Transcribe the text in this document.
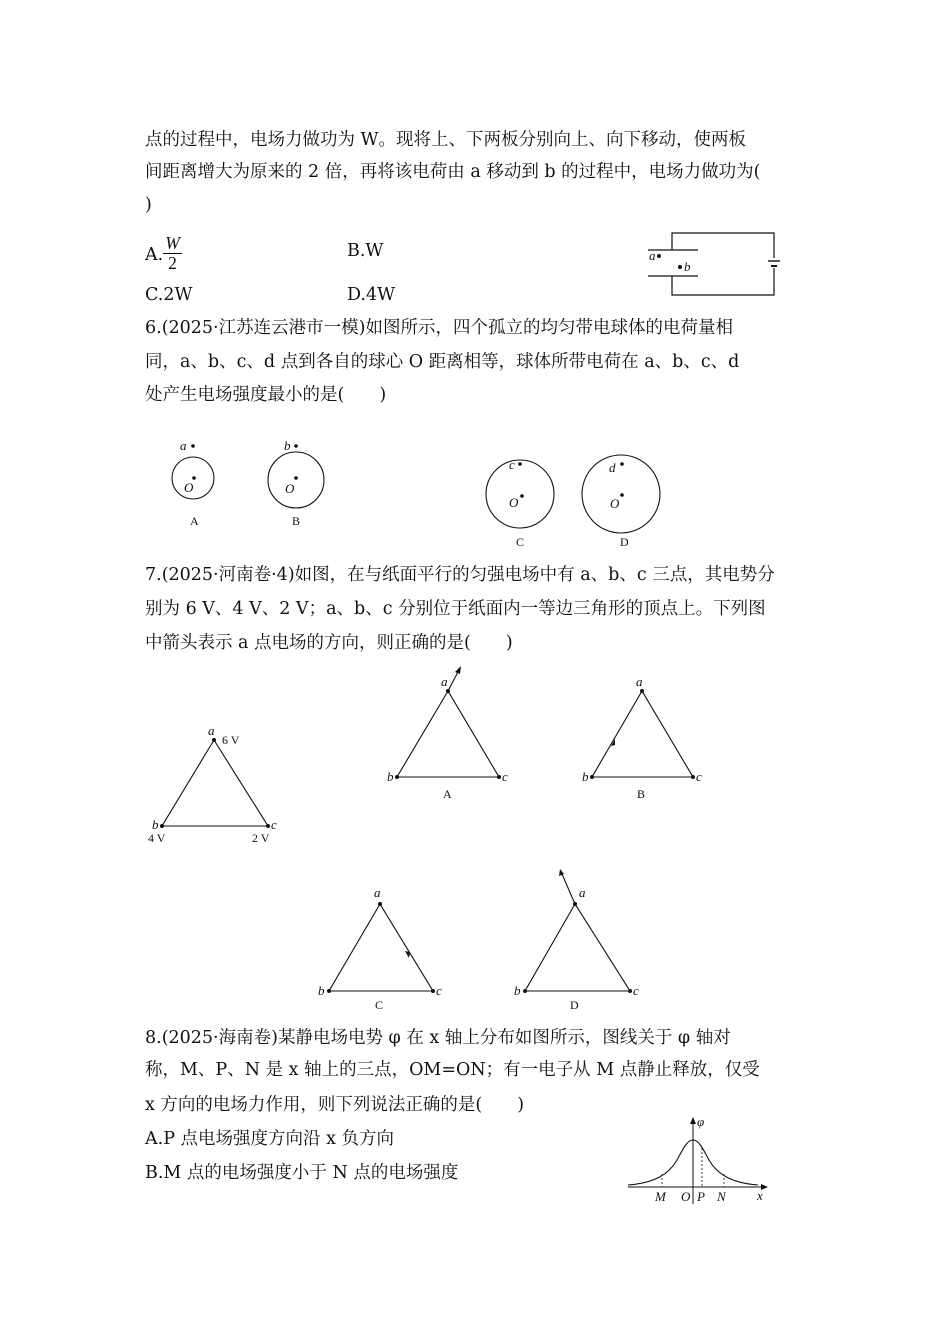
点的过程中，电场力做功为 W。现将上、下两板分别向上、向下移动，使两板
间距离增大为原来的 2 倍，再将该电荷由 a 移动到 b 的过程中，电场力做功为(
)
A. $\frac{W}{2}$	B.W
C.2W	D.4W
a
b
6.(2025·江苏连云港市一模)如图所示，四个孤立的均匀带电球体的电荷量相
同，a、b、c、d 点到各自的球心 O 距离相等，球体所带电荷在 a、b、c、d
处产生电场强度最小的是(　　)
a
O
A
b
O
B
c
O
C
d
O
D
7.(2025·河南卷·4)如图，在与纸面平行的匀强电场中有 a、b、c 三点，其电势分
别为 6 V、4 V、2 V；a、b、c 分别位于纸面内一等边三角形的顶点上。下列图
中箭头表示 a 点电场的方向，则正确的是(　　)
a
6 V
b
4 V
c
2 V
a
b	c
A
a
b	c
B
a
b	c
C
a
b	c
D
8.(2025·海南卷)某静电场电势 φ 在 x 轴上分布如图所示，图线关于 φ 轴对
称，M、P、N 是 x 轴上的三点，OM=ON；有一电子从 M 点静止释放，仅受
x 方向的电场力作用，则下列说法正确的是(　　)
A.P 点电场强度方向沿 x 负方向
B.M 点的电场强度小于 N 点的电场强度
φ
x
M O P N
